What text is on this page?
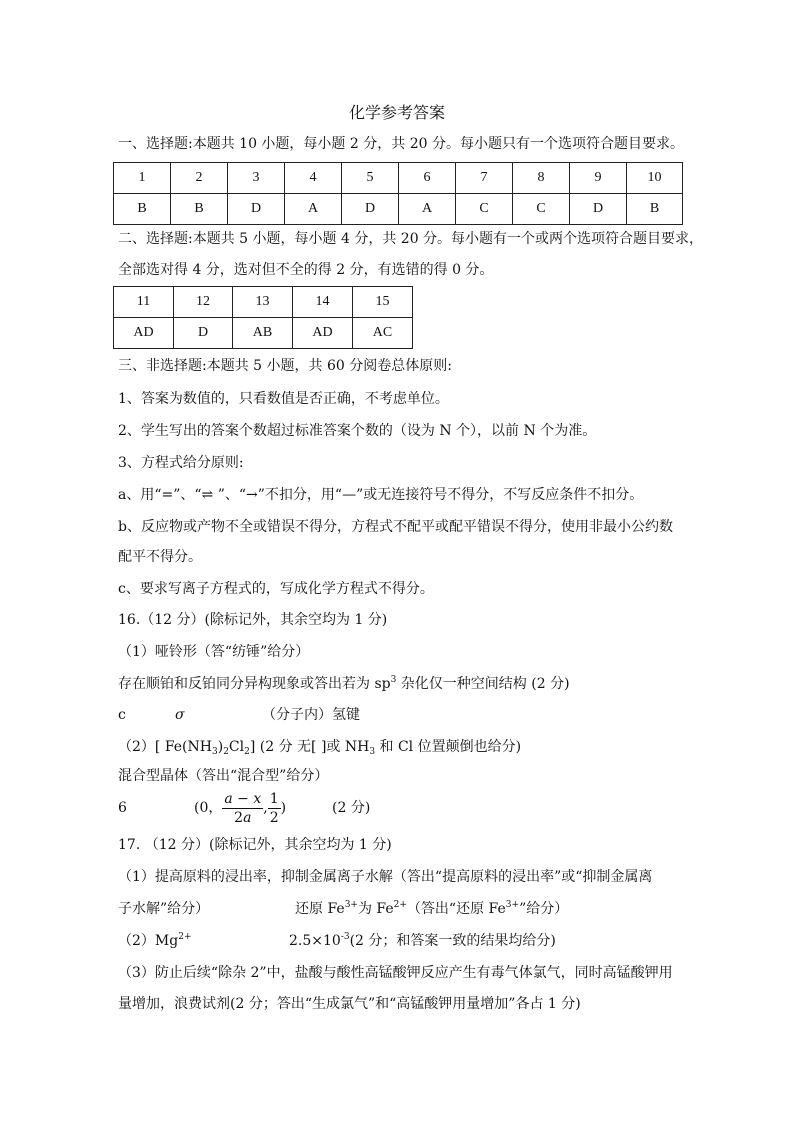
化学参考答案
一、选择题:本题共 10 小题，每小题 2 分，共 20 分。每小题只有一个选项符合题目要求。
1	2	3	4	5	6	7	8	9	10
B	B	D	A	D	A	C	C	D	B
二、选择题:本题共 5 小题，每小题 4 分，共 20 分。每小题有一个或两个选项符合题目要求，
全部选对得 4 分，选对但不全的得 2 分，有选错的得 0 分。
11	12	13	14	15
AD	D	AB	AD	AC
三、非选择题:本题共 5 小题，共 60 分阅卷总体原则:
1、答案为数值的，只看数值是否正确，不考虑单位。
2、学生写出的答案个数超过标准答案个数的（设为 N 个），以前 N 个为准。
3、方程式给分原则:
a、用“=”、“⇌ ”、“→”不扣分，用“—”或无连接符号不得分，不写反应条件不扣分。
b、反应物或产物不全或错误不得分，方程式不配平或配平错误不得分，使用非最小公约数
配平不得分。
c、要求写离子方程式的，写成化学方程式不得分。
16.（12 分）(除标记外，其余空均为 1 分)
（1）哑铃形（答“纺锤”给分）
存在顺铂和反铂同分异构现象或答出若为 $sp^3$ 杂化仅一种空间结构 (2 分)
c	σ	（分子内）氢键
（2）[ $Fe(NH_3)_2Cl_2$] (2 分 无[ ]或 $NH_3$ 和 Cl 位置颠倒也给分)
混合型晶体（答出“混合型”给分）
6	(0， $\frac{a - x}{2a}$ , $\frac{1}{2}$ )	(2 分)
17. （12 分）(除标记外，其余空均为 1 分)
（1）提高原料的浸出率，抑制金属离子水解（答出“提高原料的浸出率”或“抑制金属离
子水解”给分）	还原 $Fe^{3+}$为 $Fe^{2+}$（答出“还原 $Fe^{3+}$”给分）
$(2)Mg^{2+}$	$2.5\times 10^{-3}(2$ 分；和答案一致的结果均给分)
（3）防止后续“除杂 2”中，盐酸与酸性高锰酸钾反应产生有毒气体氯气，同时高锰酸钾用
量增加，浪费试剂(2 分；答出“生成氯气”和“高锰酸钾用量增加”各占 1 分)
